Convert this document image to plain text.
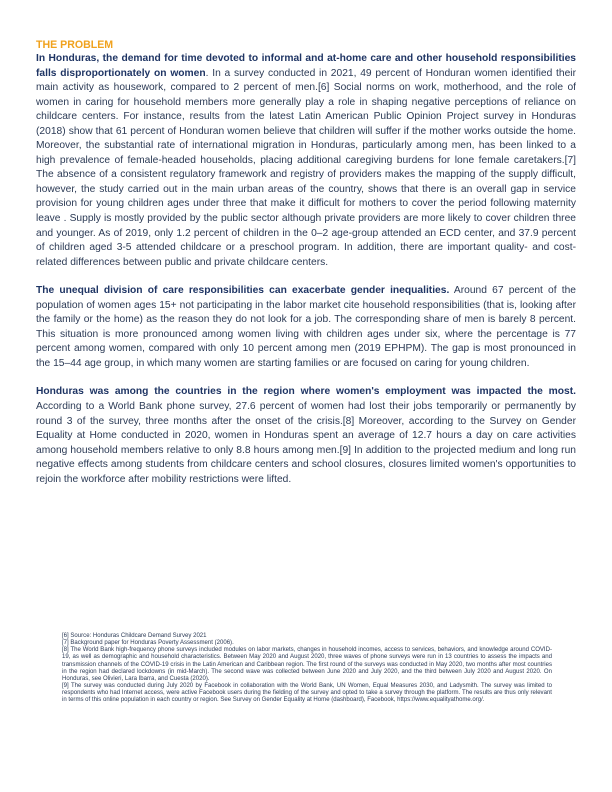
THE PROBLEM

In Honduras, the demand for time devoted to informal and at-home care and other household responsibilities falls disproportionately on women. In a survey conducted in 2021, 49 percent of Honduran women identified their main activity as housework, compared to 2 percent of men.[6] Social norms on work, motherhood, and the role of women in caring for household members more generally play a role in shaping negative perceptions of reliance on childcare centers. For instance, results from the latest Latin American Public Opinion Project survey in Honduras (2018) show that 61 percent of Honduran women believe that children will suffer if the mother works outside the home. Moreover, the substantial rate of international migration in Honduras, particularly among men, has been linked to a high prevalence of female-headed households, placing additional caregiving burdens for lone female caretakers.[7] The absence of a consistent regulatory framework and registry of providers makes the mapping of the supply difficult, however, the study carried out in the main urban areas of the country, shows that there is an overall gap in service provision for young children ages under three that make it difficult for mothers to cover the period following maternity leave . Supply is mostly provided by the public sector although private providers are more likely to cover children three and younger. As of 2019, only 1.2 percent of children in the 0–2 age-group attended an ECD center, and 37.9 percent of children aged 3-5 attended childcare or a preschool program. In addition, there are important quality- and cost-related differences between public and private childcare centers.

The unequal division of care responsibilities can exacerbate gender inequalities. Around 67 percent of the population of women ages 15+ not participating in the labor market cite household responsibilities (that is, looking after the family or the home) as the reason they do not look for a job. The corresponding share of men is barely 8 percent. This situation is more pronounced among women living with children ages under six, where the percentage is 77 percent among women, compared with only 10 percent among men (2019 EPHPM). The gap is most pronounced in the 15–44 age group, in which many women are starting families or are focused on caring for young children.

Honduras was among the countries in the region where women's employment was impacted the most. According to a World Bank phone survey, 27.6 percent of women had lost their jobs temporarily or permanently by round 3 of the survey, three months after the onset of the crisis.[8] Moreover, according to the Survey on Gender Equality at Home conducted in 2020, women in Honduras spent an average of 12.7 hours a day on care activities among household members relative to only 8.8 hours among men.[9] In addition to the projected medium and long run negative effects among students from childcare centers and school closures, closures limited women's opportunities to rejoin the workforce after mobility restrictions were lifted.

[6] Source: Honduras Childcare Demand Survey 2021

[7] Background paper for Honduras Poverty Assessment (2006).

[8] The World Bank high-frequency phone surveys included modules on labor markets, changes in household incomes, access to services, behaviors, and knowledge around COVID-19, as well as demographic and household characteristics. Between May 2020 and August 2020, three waves of phone surveys were run in 13 countries to assess the impacts and transmission channels of the COVID-19 crisis in the Latin American and Caribbean region. The first round of the surveys was conducted in May 2020, two months after most countries in the region had declared lockdowns (in mid-March). The second wave was collected between June 2020 and July 2020, and the third between July 2020 and August 2020. On Honduras, see Olivieri, Lara Ibarra, and Cuesta (2020).

[9] The survey was conducted during July 2020 by Facebook in collaboration with the World Bank, UN Women, Equal Measures 2030, and Ladysmith. The survey was limited to respondents who had Internet access, were active Facebook users during the fielding of the survey and opted to take a survey through the platform. The results are thus only relevant in terms of this online population in each country or region. See Survey on Gender Equality at Home (dashboard), Facebook, https://www.equalityathome.org/.
